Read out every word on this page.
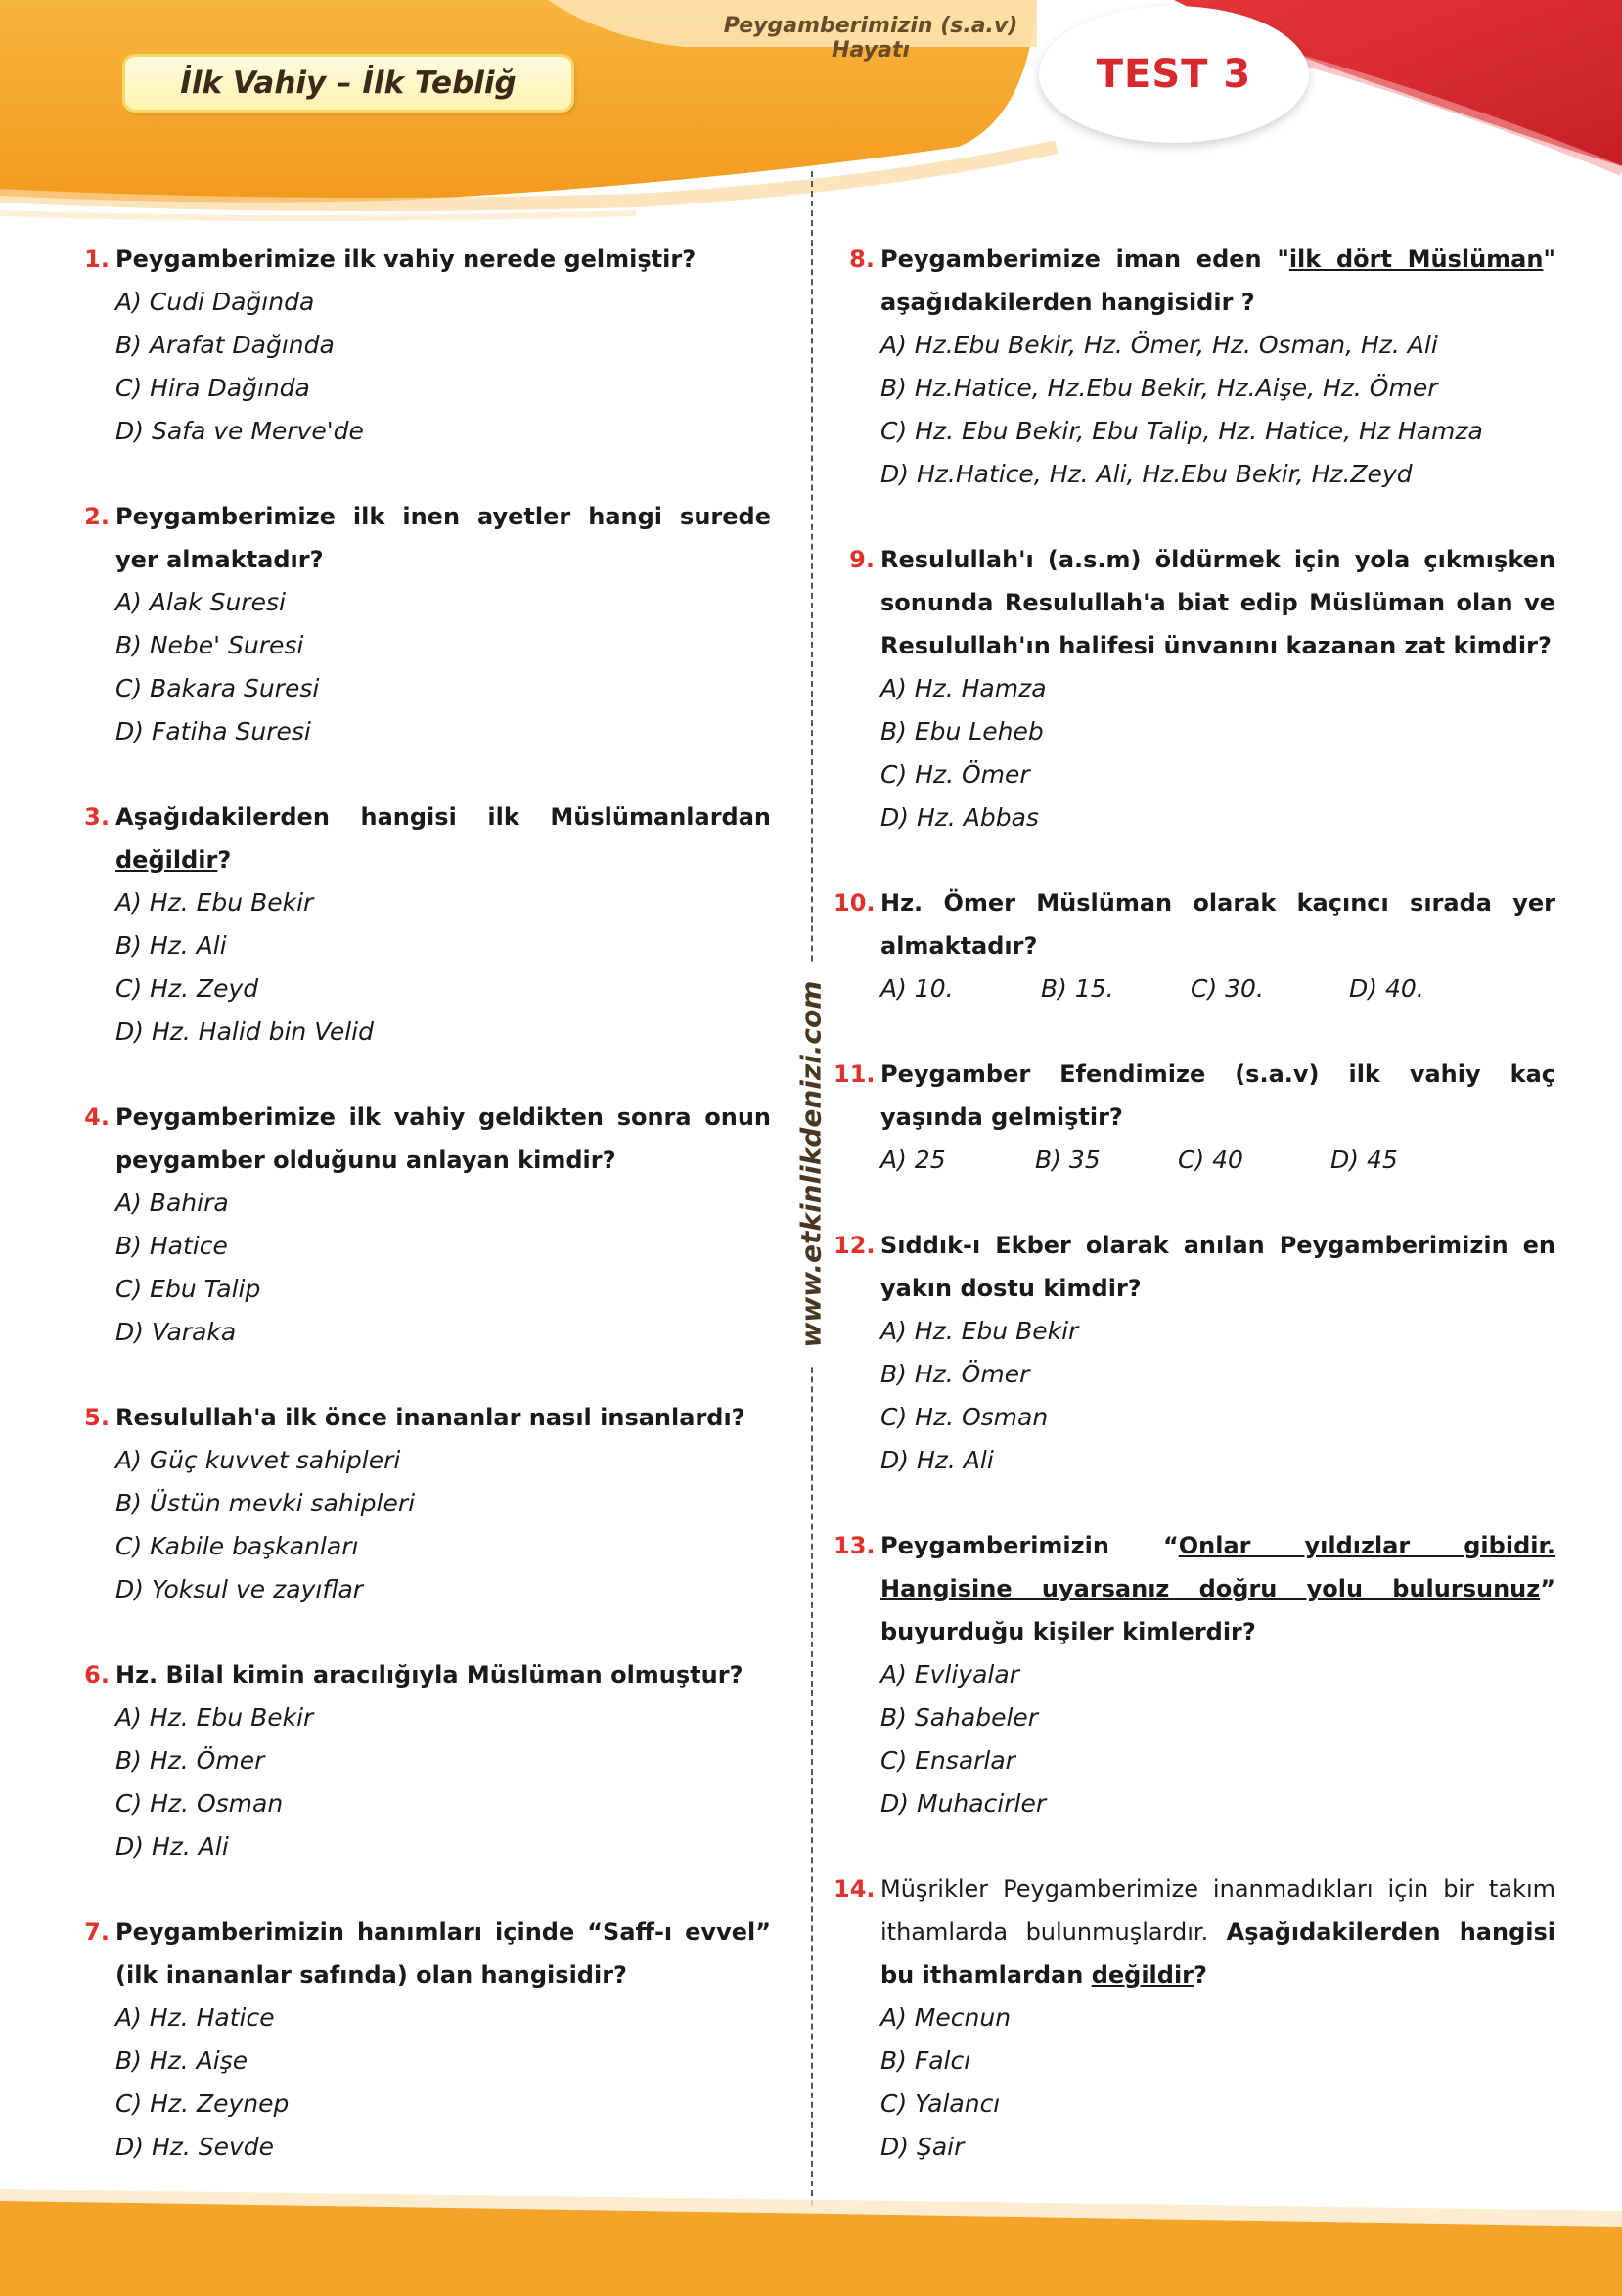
Peygamberimizin (s.a.v) Hayatı
İlk Vahiy – İlk Tebliğ	TEST 3
www.etkinlikdenizi.com
1. Peygamberimize ilk vahiy nerede gelmiştir?
A) Cudi Dağında
B) Arafat Dağında
C) Hira Dağında
D) Safa ve Merve'de
2. Peygamberimize ilk inen ayetler hangi surede yer almaktadır?
A) Alak Suresi
B) Nebe' Suresi
C) Bakara Suresi
D) Fatiha Suresi
3. Aşağıdakilerden hangisi ilk Müslümanlardan değildir?
A) Hz. Ebu Bekir
B) Hz. Ali
C) Hz. Zeyd
D) Hz. Halid bin Velid
4. Peygamberimize ilk vahiy geldikten sonra onun peygamber olduğunu anlayan kimdir?
A) Bahira
B) Hatice
C) Ebu Talip
D) Varaka
5. Resulullah'a ilk önce inananlar nasıl insanlardı?
A) Güç kuvvet sahipleri
B) Üstün mevki sahipleri
C) Kabile başkanları
D) Yoksul ve zayıflar
6. Hz. Bilal kimin aracılığıyla Müslüman olmuştur?
A) Hz. Ebu Bekir
B) Hz. Ömer
C) Hz. Osman
D) Hz. Ali
7. Peygamberimizin hanımları içinde “Saff-ı evvel” (ilk inananlar safında) olan hangisidir?
A) Hz. Hatice
B) Hz. Aişe
C) Hz. Zeynep
D) Hz. Sevde
8. Peygamberimize iman eden "ilk dört Müslüman" aşağıdakilerden hangisidir ?
A) Hz.Ebu Bekir, Hz. Ömer, Hz. Osman, Hz. Ali
B) Hz.Hatice, Hz.Ebu Bekir, Hz.Aişe, Hz. Ömer
C) Hz. Ebu Bekir, Ebu Talip, Hz. Hatice, Hz Hamza
D) Hz.Hatice, Hz. Ali, Hz.Ebu Bekir, Hz.Zeyd
9. Resulullah'ı (a.s.m) öldürmek için yola çıkmışken sonunda Resulullah'a biat edip Müslüman olan ve Resulullah'ın halifesi ünvanını kazanan zat kimdir?
A) Hz. Hamza
B) Ebu Leheb
C) Hz. Ömer
D) Hz. Abbas
10. Hz. Ömer Müslüman olarak kaçıncı sırada yer almaktadır?
A) 10.	B) 15.	C) 30.	D) 40.
11. Peygamber Efendimize (s.a.v) ilk vahiy kaç yaşında gelmiştir?
A) 25	B) 35	C) 40	D) 45
12. Sıddık-ı Ekber olarak anılan Peygamberimizin en yakın dostu kimdir?
A) Hz. Ebu Bekir
B) Hz. Ömer
C) Hz. Osman
D) Hz. Ali
13. Peygamberimizin “Onlar yıldızlar gibidir. Hangisine uyarsanız doğru yolu bulursunuz” buyurduğu kişiler kimlerdir?
A) Evliyalar
B) Sahabeler
C) Ensarlar
D) Muhacirler
14. Müşrikler Peygamberimize inanmadıkları için bir takım ithamlarda bulunmuşlardır. Aşağıdakilerden hangisi bu ithamlardan değildir?
A) Mecnun
B) Falcı
C) Yalancı
D) Şair
